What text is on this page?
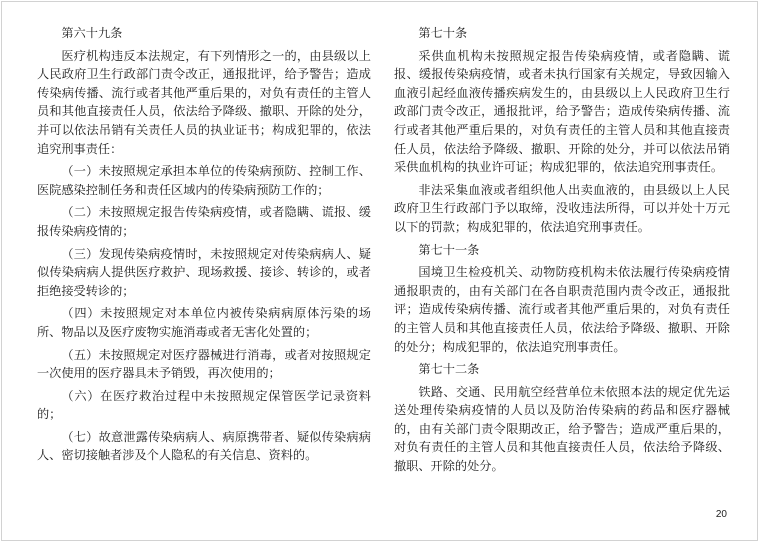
第六十九条

医疗机构违反本法规定，有下列情形之一的，由县级以上人民政府卫生行政部门责令改正，通报批评，给予警告；造成传染病传播、流行或者其他严重后果的，对负有责任的主管人员和其他直接责任人员，依法给予降级、撤职、开除的处分，并可以依法吊销有关责任人员的执业证书；构成犯罪的，依法追究刑事责任：

（一）未按照规定承担本单位的传染病预防、控制工作、医院感染控制任务和责任区域内的传染病预防工作的；

（二）未按照规定报告传染病疫情，或者隐瞒、谎报、缓报传染病疫情的；

（三）发现传染病疫情时，未按照规定对传染病病人、疑似传染病病人提供医疗救护、现场救援、接诊、转诊的，或者拒绝接受转诊的；

（四）未按照规定对本单位内被传染病病原体污染的场所、物品以及医疗废物实施消毒或者无害化处置的；

（五）未按照规定对医疗器械进行消毒，或者对按照规定一次使用的医疗器具未予销毁，再次使用的；

（六）在医疗救治过程中未按照规定保管医学记录资料的；

（七）故意泄露传染病病人、病原携带者、疑似传染病病人、密切接触者涉及个人隐私的有关信息、资料的。

第七十条

采供血机构未按照规定报告传染病疫情，或者隐瞒、谎报、缓报传染病疫情，或者未执行国家有关规定，导致因输入血液引起经血液传播疾病发生的，由县级以上人民政府卫生行政部门责令改正，通报批评，给予警告；造成传染病传播、流行或者其他严重后果的，对负有责任的主管人员和其他直接责任人员，依法给予降级、撤职、开除的处分，并可以依法吊销采供血机构的执业许可证；构成犯罪的，依法追究刑事责任。

非法采集血液或者组织他人出卖血液的，由县级以上人民政府卫生行政部门予以取缔，没收违法所得，可以并处十万元以下的罚款；构成犯罪的，依法追究刑事责任。

第七十一条

国境卫生检疫机关、动物防疫机构未依法履行传染病疫情通报职责的，由有关部门在各自职责范围内责令改正，通报批评；造成传染病传播、流行或者其他严重后果的，对负有责任的主管人员和其他直接责任人员，依法给予降级、撤职、开除的处分；构成犯罪的，依法追究刑事责任。

第七十二条

铁路、交通、民用航空经营单位未依照本法的规定优先运送处理传染病疫情的人员以及防治传染病的药品和医疗器械的，由有关部门责令限期改正，给予警告；造成严重后果的，对负有责任的主管人员和其他直接责任人员，依法给予降级、撤职、开除的处分。

20
